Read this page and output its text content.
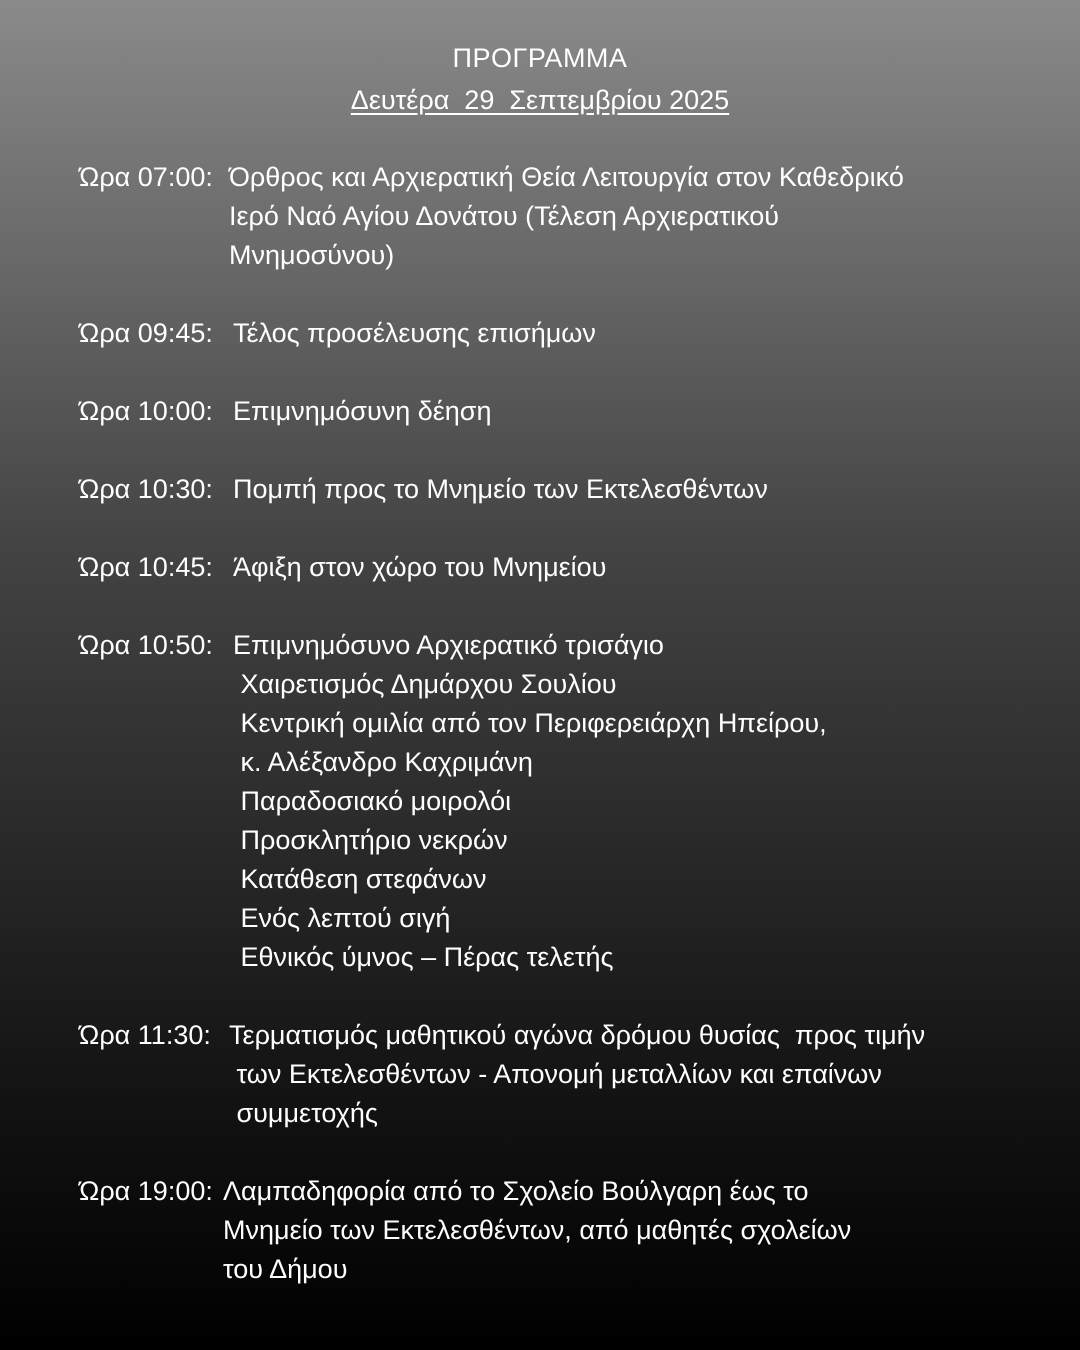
ΠΡΟΓΡΑΜΜΑ
Δευτέρα  29  Σεπτεμβρίου 2025
Ώρα 07:00: Όρθρος και Αρχιερατική Θεία Λειτουργία στον Καθεδρικό
Ιερό Ναό Αγίου Δονάτου (Τέλεση Αρχιερατικού
Μνημοσύνου)
Ώρα 09:45: Τέλος προσέλευσης επισήμων
Ώρα 10:00: Επιμνημόσυνη δέηση
Ώρα 10:30: Πομπή προς το Μνημείο των Εκτελεσθέντων
Ώρα 10:45: Άφιξη στον χώρο του Μνημείου
Ώρα 10:50: Επιμνημόσυνο Αρχιερατικό τρισάγιο
Χαιρετισμός Δημάρχου Σουλίου
Κεντρική ομιλία από τον Περιφερειάρχη Ηπείρου,
κ. Αλέξανδρο Καχριμάνη
Παραδοσιακό μοιρολόι
Προσκλητήριο νεκρών
Κατάθεση στεφάνων
Ενός λεπτού σιγή
Εθνικός ύμνος – Πέρας τελετής
Ώρα 11:30: Τερματισμός μαθητικού αγώνα δρόμου θυσίας  προς τιμήν
των Εκτελεσθέντων - Απονομή μεταλλίων και επαίνων
συμμετοχής
Ώρα 19:00: Λαμπαδηφορία από το Σχολείο Βούλγαρη έως το
Μνημείο των Εκτελεσθέντων, από μαθητές σχολείων
του Δήμου
